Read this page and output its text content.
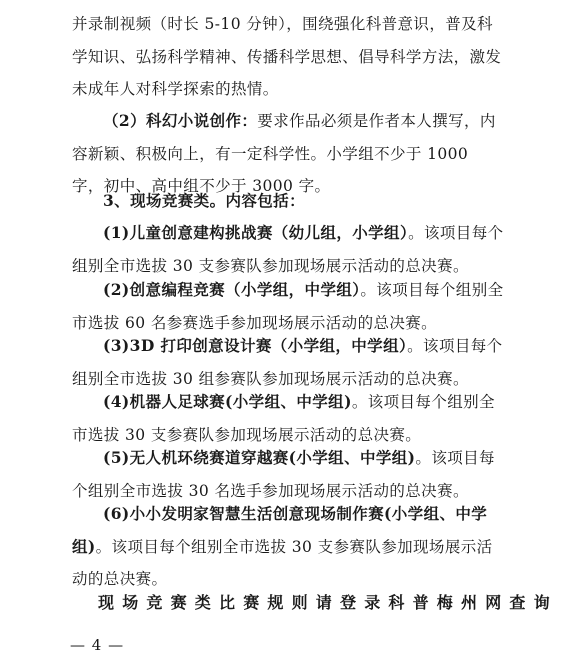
并录制视频（时长 5-10 分钟），围绕强化科普意识，普及科学知识、弘扬科学精神、传播科学思想、倡导科学方法，激发未成年人对科学探索的热情。

（2）科幻小说创作：要求作品必须是作者本人撰写，内容新颖、积极向上，有一定科学性。小学组不少于 1000 字，初中、高中组不少于 3000 字。

3、现场竞赛类。内容包括：

(1)儿童创意建构挑战赛（幼儿组，小学组）。该项目每个组别全市选拔 30 支参赛队参加现场展示活动的总决赛。

(2)创意编程竞赛（小学组，中学组）。该项目每个组别全市选拔 60 名参赛选手参加现场展示活动的总决赛。

(3)3D 打印创意设计赛（小学组，中学组）。该项目每个组别全市选拔 30 组参赛队参加现场展示活动的总决赛。

(4)机器人足球赛(小学组、中学组)。该项目每个组别全市选拔 30 支参赛队参加现场展示活动的总决赛。

(5)无人机环绕赛道穿越赛(小学组、中学组)。该项目每个组别全市选拔 30 名选手参加现场展示活动的总决赛。

(6)小小发明家智慧生活创意现场制作赛(小学组、中学组)。该项目每个组别全市选拔 30 支参赛队参加现场展示活动的总决赛。

现场竞赛类比赛规则请登录科普梅州网查询

— 4 —
